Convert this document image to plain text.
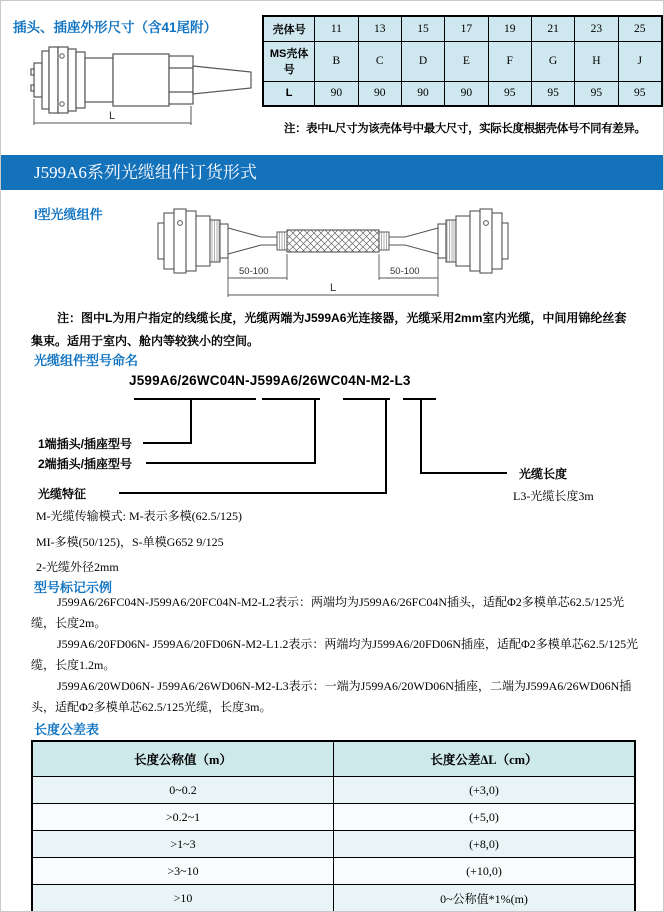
插头、插座外形尺寸（含41尾附）
L
壳体号	11	13	15	17	19	21	23	25
MS壳体号	B	C	D	E	F	G	H	J
L	90	90	90	90	95	95	95	95
注：表中L尺寸为该壳体号中最大尺寸，实际长度根据壳体号不同有差异。
J599A6系列光缆组件订货形式
I型光缆组件
50-100	50-100
L
注：图中L为用户指定的线缆长度，光缆两端为J599A6光连接器，光缆采用2mm室内光缆，中间用锦纶丝套
集束。适用于室内、舱内等较狭小的空间。
光缆组件型号命名
J599A6/26WC04N-J599A6/26WC04N-M2-L3
1端插头/插座型号
2端插头/插座型号
光缆特征
光缆长度
L3-光缆长度3m
M-光缆传输模式: M-表示多模(62.5/125)
MI-多模(50/125)，S-单模G652 9/125
2-光缆外径2mm
型号标记示例

J599A6/26FC04N-J599A6/20FC04N-M2-L2表示：两端均为J599A6/26FC04N插头，适配Φ2多模单芯62.5/125光缆，长度2m。

J599A6/20FD06N- J599A6/20FD06N-M2-L1.2表示：两端均为J599A6/20FD06N插座，适配Φ2多模单芯62.5/125光缆，长度1.2m。

J599A6/20WD06N- J599A6/26WD06N-M2-L3表示：一端为J599A6/20WD06N插座，二端为J599A6/26WD06N插头，适配Φ2多模单芯62.5/125光缆，长度3m。

长度公差表
长度公称值（m）	长度公差ΔL（cm）
0~0.2	(+3,0)
>0.2~1	(+5,0)
>1~3	(+8,0)
>3~10	(+10,0)
>10	0~公称值*1%(m)
